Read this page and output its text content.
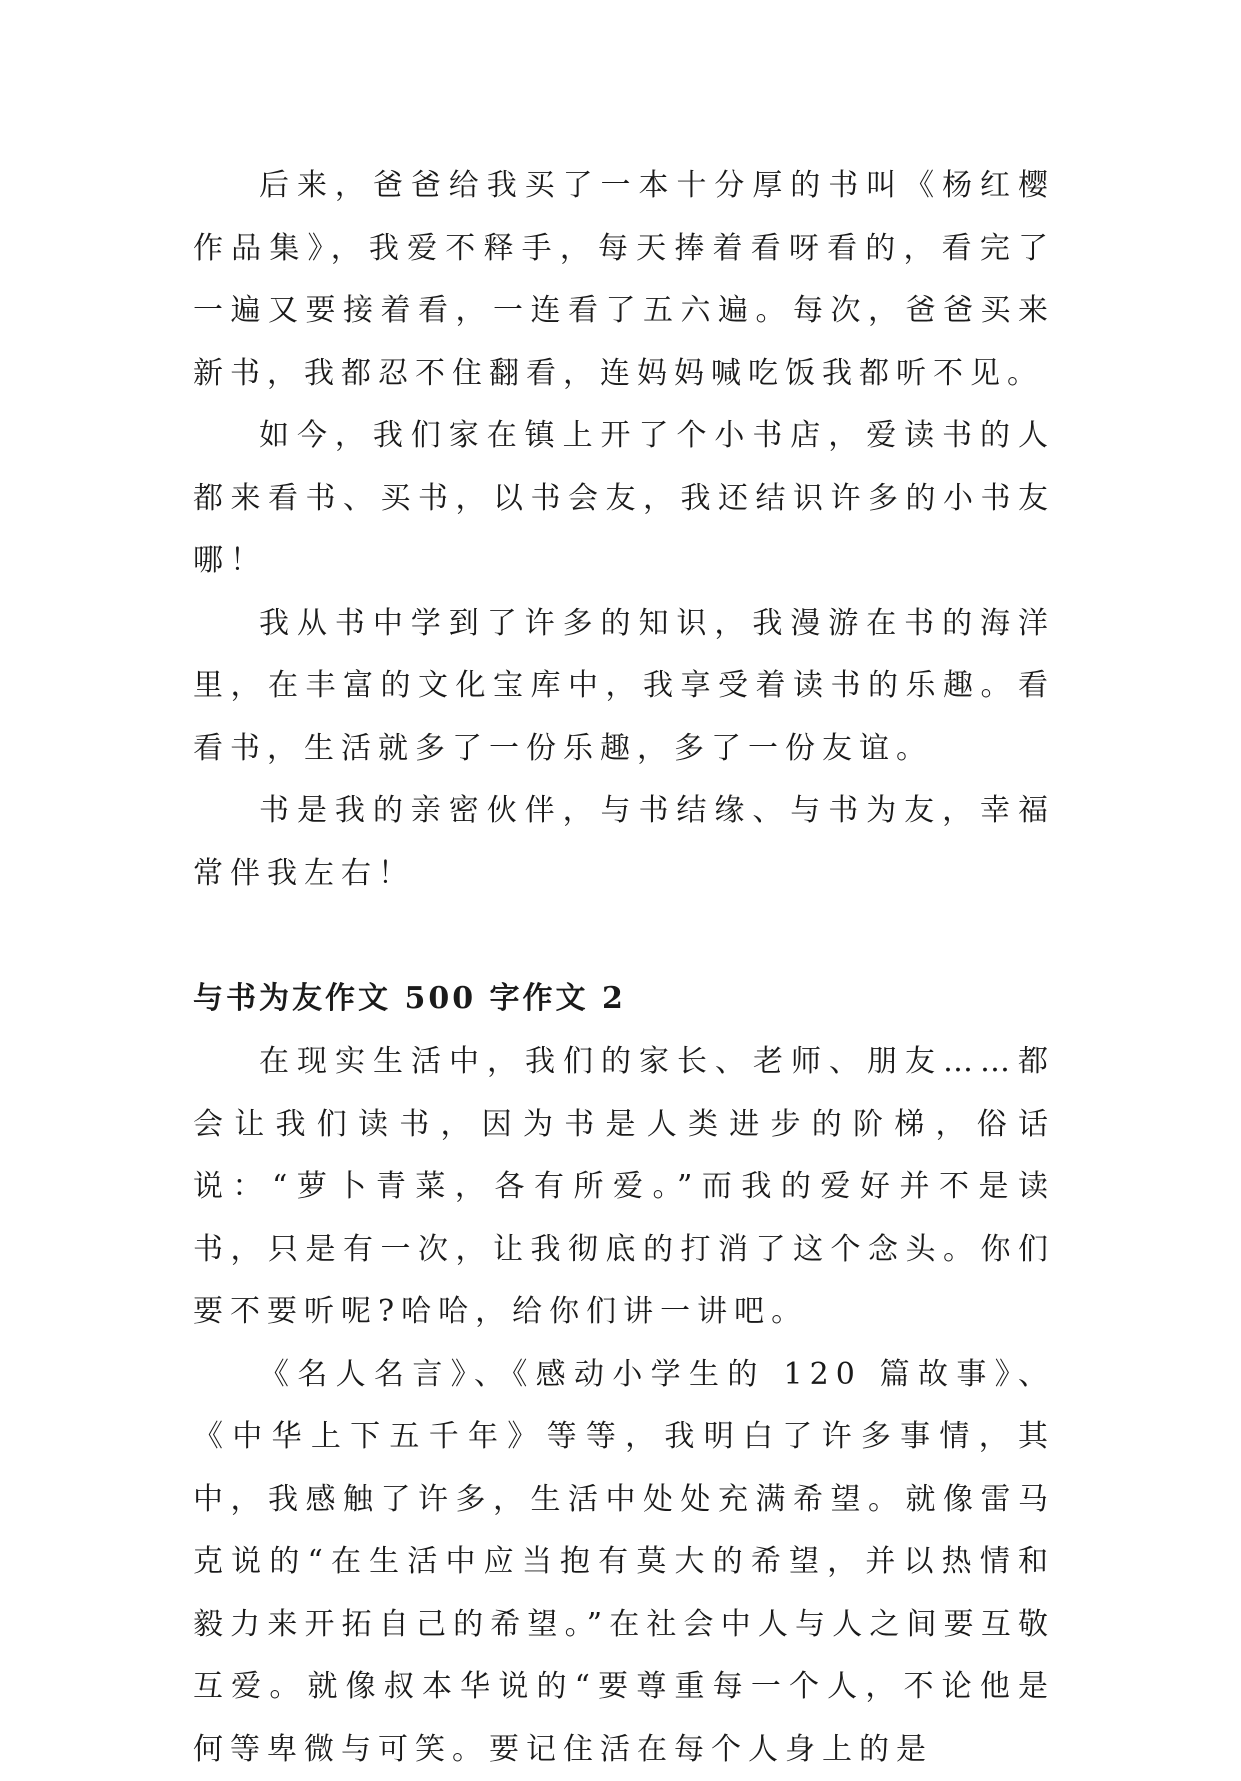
后来，爸爸给我买了一本十分厚的书叫《杨红樱作品集》，我爱不释手，每天捧着看呀看的，看完了一遍又要接着看，一连看了五六遍。每次，爸爸买来新书，我都忍不住翻看，连妈妈喊吃饭我都听不见。

如今，我们家在镇上开了个小书店，爱读书的人都来看书、买书，以书会友，我还结识许多的小书友哪！

我从书中学到了许多的知识，我漫游在书的海洋里，在丰富的文化宝库中，我享受着读书的乐趣。看看书，生活就多了一份乐趣，多了一份友谊。

书是我的亲密伙伴，与书结缘、与书为友，幸福常伴我左右！

与书为友作文 500 字作文 2

在现实生活中，我们的家长、老师、朋友……都会让我们读书，因为书是人类进步的阶梯，俗话说：“萝卜青菜，各有所爱。”而我的爱好并不是读书，只是有一次，让我彻底的打消了这个念头。你们要不要听呢?哈哈，给你们讲一讲吧。

《名人名言》、《感动小学生的 120 篇故事》、《中华上下五千年》等等，我明白了许多事情，其中，我感触了许多，生活中处处充满希望。就像雷马克说的“在生活中应当抱有莫大的希望，并以热情和毅力来开拓自己的希望。”在社会中人与人之间要互敬互爱。就像叔本华说的“要尊重每一个人，不论他是何等卑微与可笑。要记住活在每个人身上的是
